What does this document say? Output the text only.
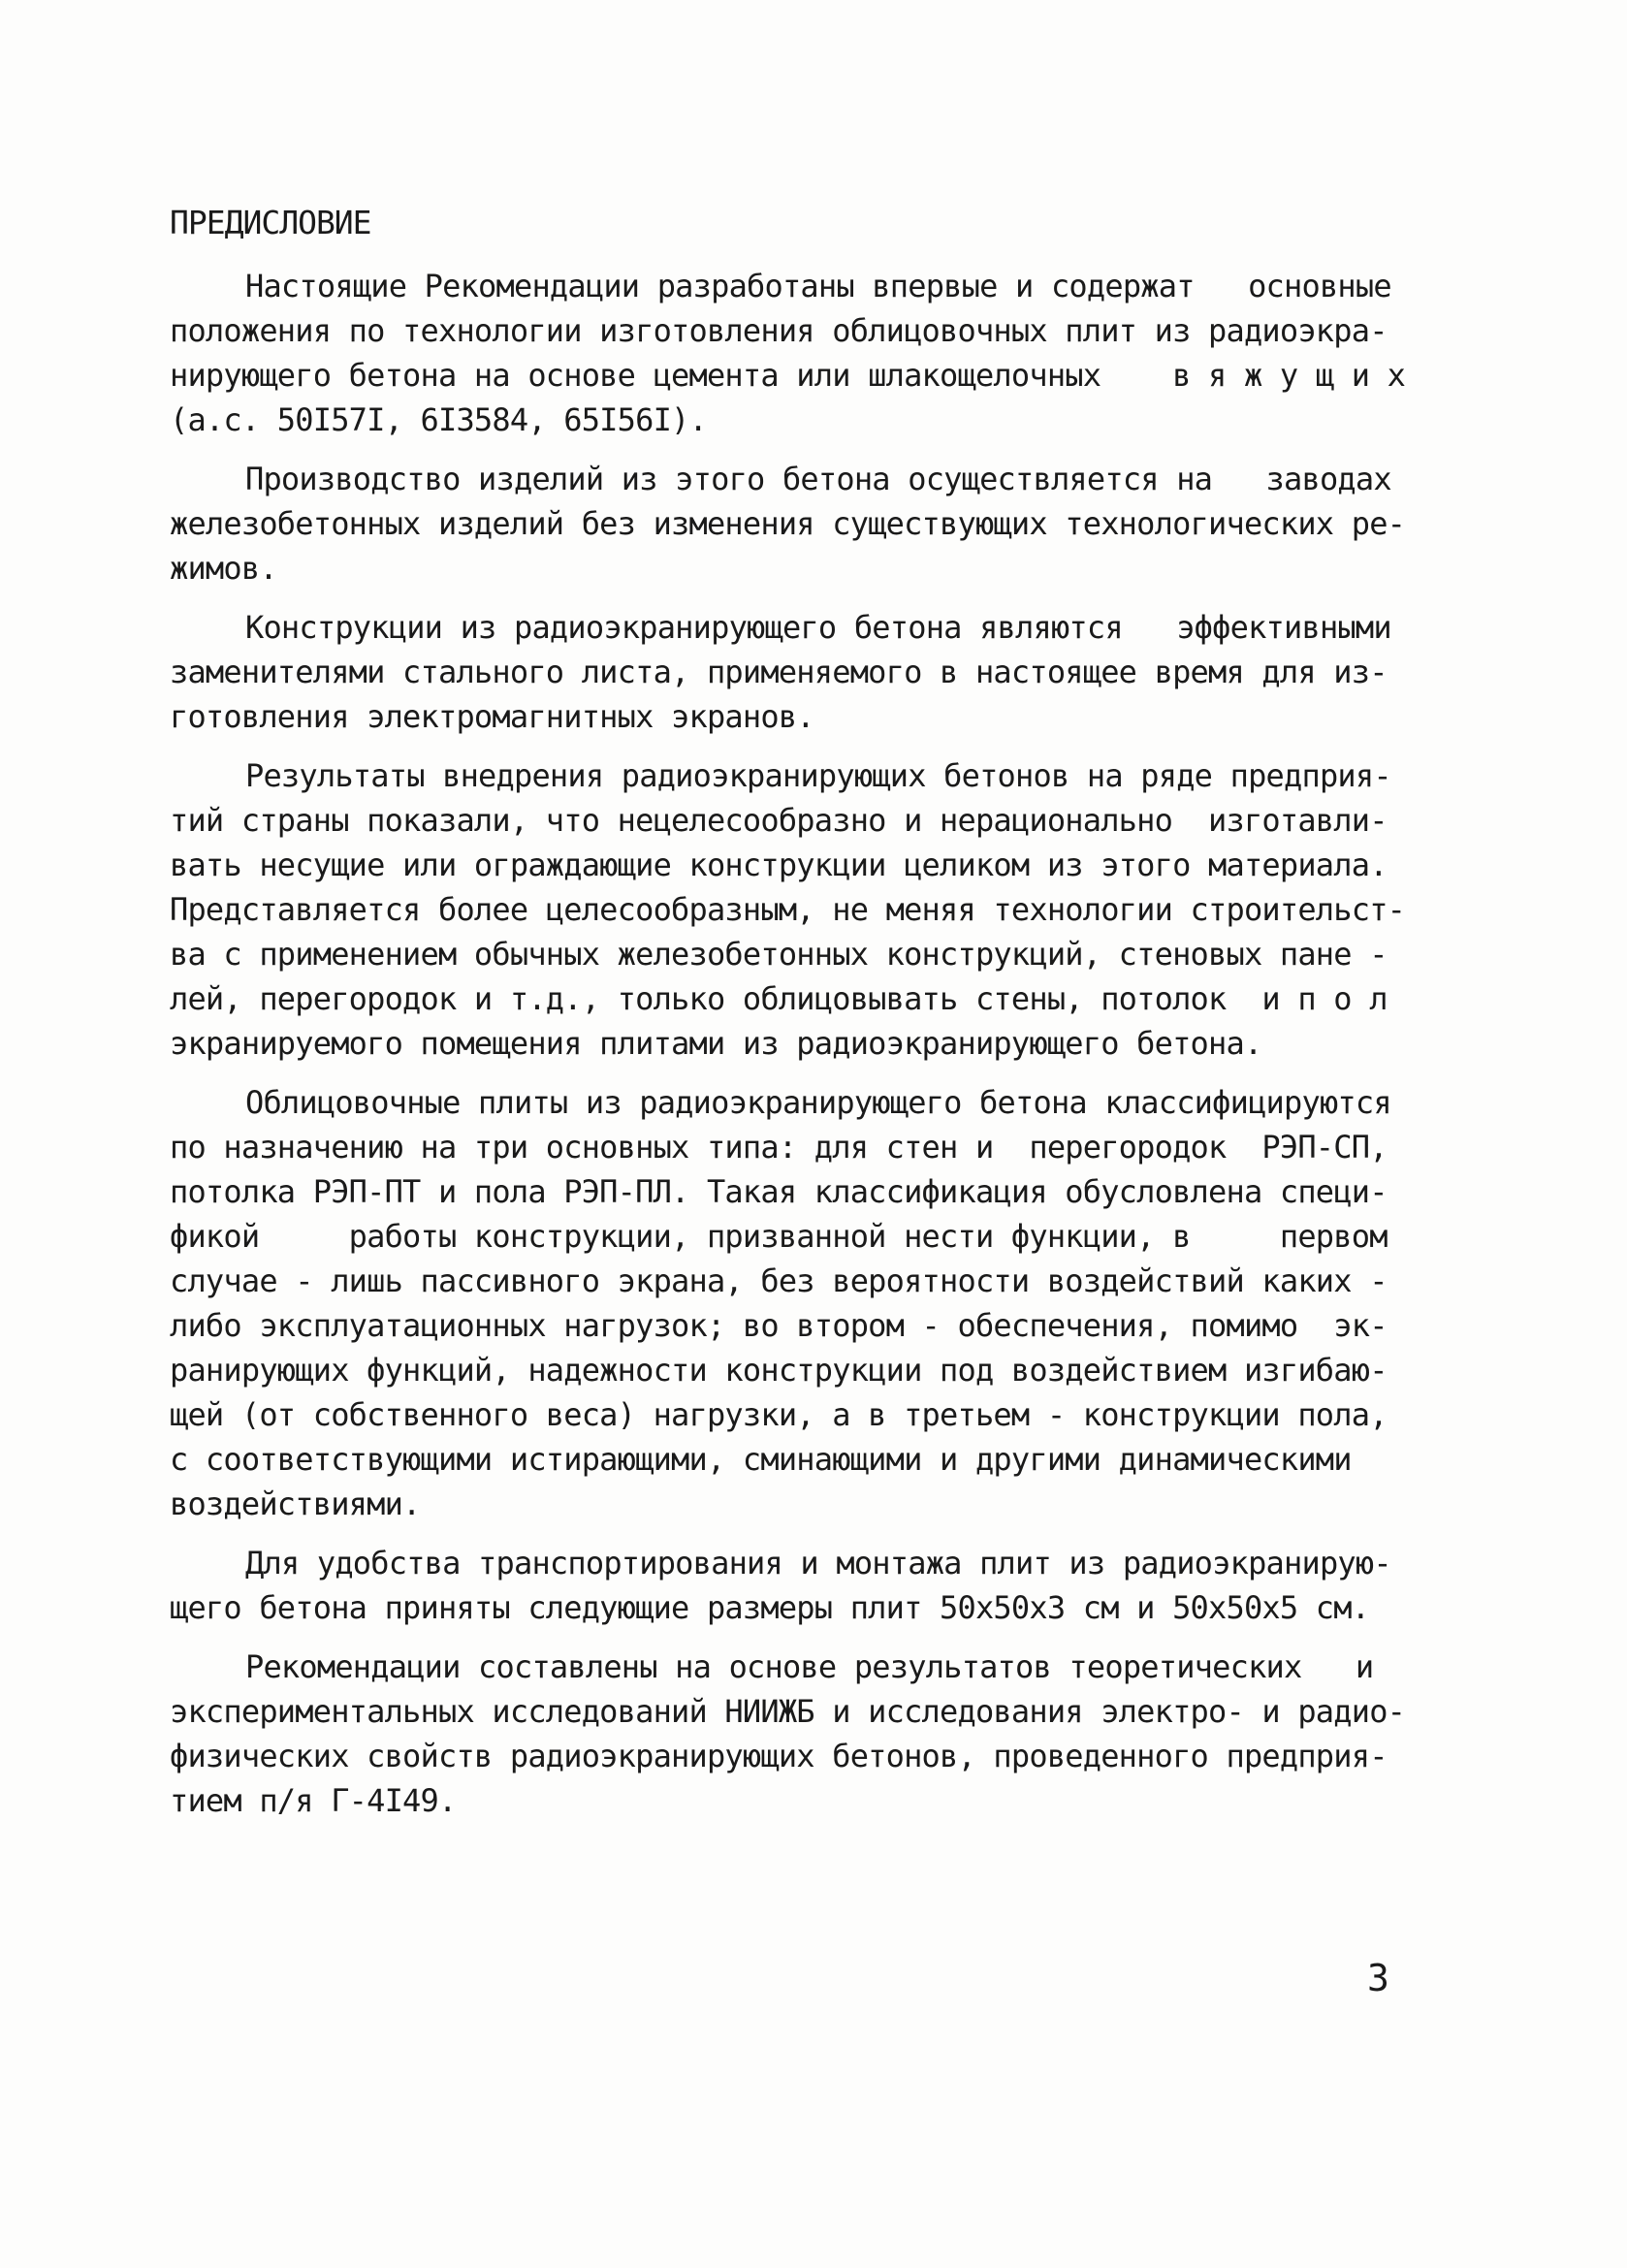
ПРЕДИСЛОВИЕ
Настоящие Рекомендации разработаны впервые и содержат   основные
положения по технологии изготовления облицовочных плит из радиоэкра-
нирующего бетона на основе цемента или шлакощелочных    в я ж у щ и х
(а.с. 50I57I, 6I3584, 65I56I).
Производство изделий из этого бетона осуществляется на   заводах
железобетонных изделий без изменения существующих технологических ре-
жимов.
Конструкции из радиоэкранирующего бетона являются   эффективными
заменителями стального листа, применяемого в настоящее время для из-
готовления электромагнитных экранов.
Результаты внедрения радиоэкранирующих бетонов на ряде предприя-
тий страны показали, что нецелесообразно и нерационально  изготавли-
вать несущие или ограждающие конструкции целиком из этого материала.
Представляется более целесообразным, не меняя технологии строительст-
ва с применением обычных железобетонных конструкций, стеновых пане -
лей, перегородок и т.д., только облицовывать стены, потолок  и п о л
экранируемого помещения плитами из радиоэкранирующего бетона.
Облицовочные плиты из радиоэкранирующего бетона классифицируются
по назначению на три основных типа: для стен и  перегородок  РЭП-СП,
потолка РЭП-ПТ и пола РЭП-ПЛ. Такая классификация обусловлена специ-
фикой     работы конструкции, призванной нести функции, в     первом
случае - лишь пассивного экрана, без вероятности воздействий каких -
либо эксплуатационных нагрузок; во втором - обеспечения, помимо  эк-
ранирующих функций, надежности конструкции под воздействием изгибаю-
щей (от собственного веса) нагрузки, а в третьем - конструкции пола,
с соответствующими истирающими, сминающими и другими динамическими
воздействиями.
Для удобства транспортирования и монтажа плит из радиоэкранирую-
щего бетона приняты следующие размеры плит 50х50х3 см и 50х50х5 см.
Рекомендации составлены на основе результатов теоретических   и
экспериментальных исследований НИИЖБ и исследования электро- и радио-
физических свойств радиоэкранирующих бетонов, проведенного предприя-
тием п/я Г-4I49.
3
